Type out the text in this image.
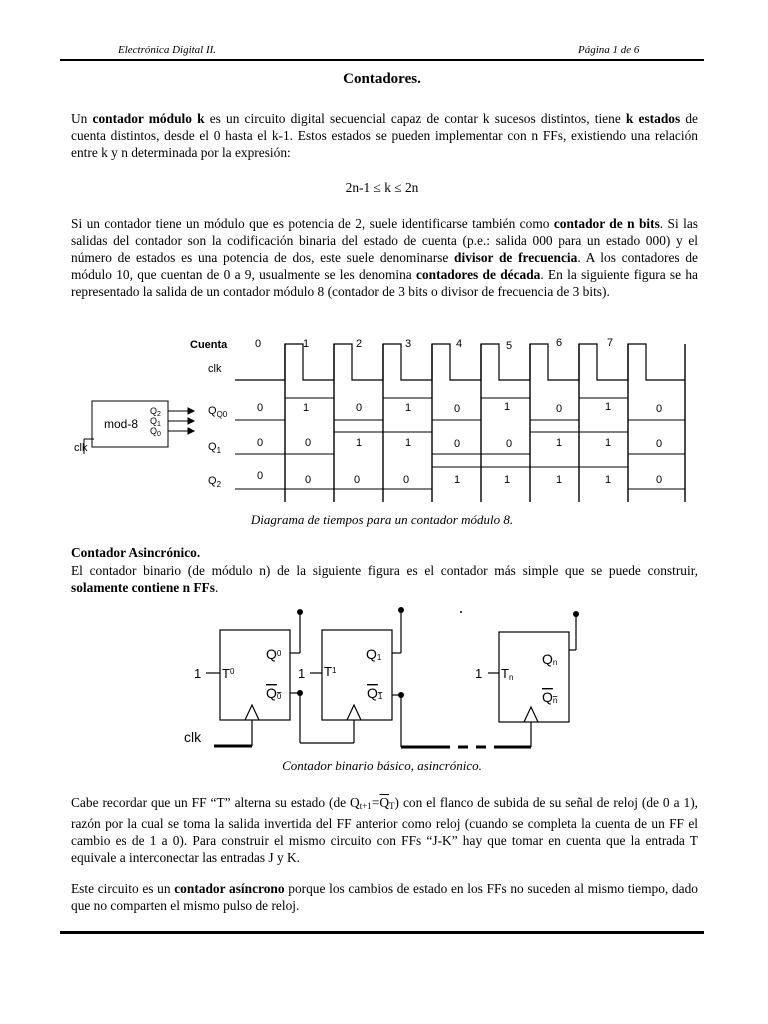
Electrónica Digital II.	Página 1 de 6
Contadores.
Un contador módulo k es un circuito digital secuencial capaz de contar k sucesos distintos, tiene k estados de cuenta distintos, desde el 0 hasta el k-1. Estos estados se pueden implementar con n FFs, existiendo una relación entre k y n determinada por la expresión:
2n-1 ≤ k ≤ 2n
Si un contador tiene un módulo que es potencia de 2, suele identificarse también como contador de n bits. Si las salidas del contador son la codificación binaria del estado de cuenta (p.e.: salida 000 para un estado 000) y el número de estados es una potencia de dos, este suele denominarse divisor de frecuencia. A los contadores de módulo 10, que cuentan de 0 a 9, usualmente se les denomina contadores de década. En la siguiente figura se ha representado la salida de un contador módulo 8 (contador de 3 bits o divisor de frecuencia de 3 bits).
Cuenta
clk
$Q_{Q0}$
$Q_1$
$Q_2$
0	1	2	3	4	5	6	7
0	1	0	1	0	1	0	1	0
0	0	1	1	0	0	1	1	0
0	0	0	0	1	1	1	1	0
mod-8
$Q_2$
$Q_1$
$Q_0$
clk
Diagrama de tiempos para un contador módulo 8.
Contador Asincrónico.
El contador binario (de módulo n) de la siguiente figura es el contador más simple que se puede construir, solamente contiene n FFs.
1	1	1
$T^0$	$T^1$	Tn
$Q^0$
Q0
Q1
Q1
Qn
Qn
clk
Contador binario básico, asincrónico.
Cabe recordar que un FF “T” alterna su estado (de $Q_{t+1}=\overline{Q}_T$) con el flanco de subida de su señal de reloj (de 0 a 1), razón por la cual se toma la salida invertida del FF anterior como reloj (cuando se completa la cuenta de un FF el cambio es de 1 a 0). Para construir el mismo circuito con FFs “J-K” hay que tomar en cuenta que la entrada T equivale a interconectar las entradas J y K.
Este circuito es un contador asíncrono porque los cambios de estado en los FFs no suceden al mismo tiempo, dado que no comparten el mismo pulso de reloj.
